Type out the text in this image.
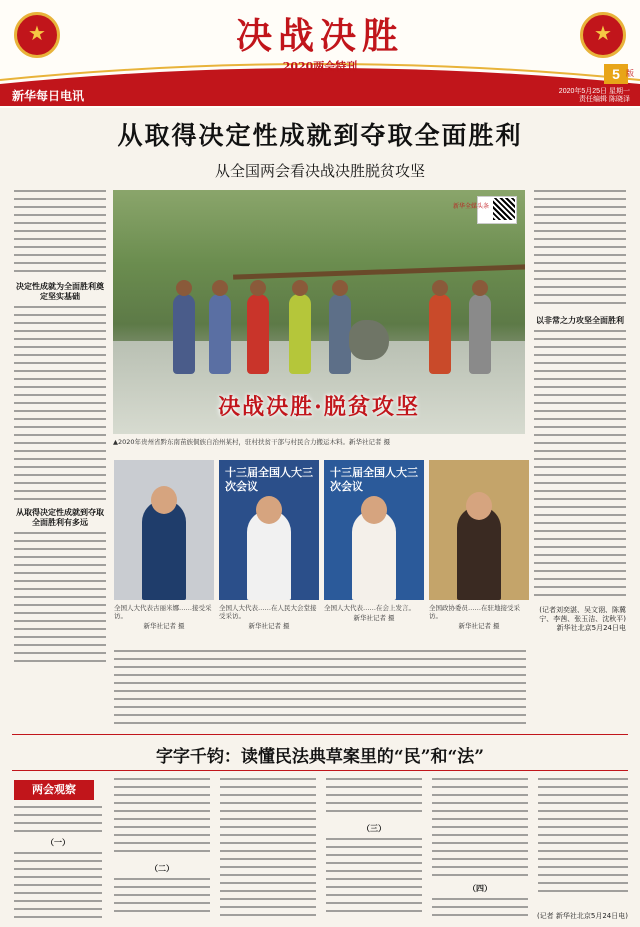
★	决战决胜	★
2020两会特刊
新华每日电讯
5 版
2020年5月25日 星期一
责任编辑 陈晓泽
从取得决定性成就到夺取全面胜利
从全国两会看决战决胜脱贫攻坚
决定性成就为全面胜利奠定坚实基础
从取得决定性成就到夺取全面胜利有多远
以非常之力攻坚全面胜利
(记者刘奕湛、吴文诩、陈冀宁、李茜、张玉洁、沈秋平)
新华社北京5月24日电
新华全媒头条
决战决胜·脱贫攻坚
▲2020年贵州省黔东南苗族侗族自治州某村，驻村扶贫干部与村民合力搬运木料。新华社记者 摄
十三届全国人大三次会议
十三届全国人大三次会议
全国人大代表古丽米娜……接受采访。
新华社记者 摄
全国人大代表……在人民大会堂接受采访。
新华社记者 摄
全国人大代表……在会上发言。
新华社记者 摄
全国政协委员……在驻地接受采访。
新华社记者 摄
字字千钧：读懂民法典草案里的“民”和“法”
两会观察
（一）
（二）
（三）
（四）
(记者 新华社北京5月24日电)
